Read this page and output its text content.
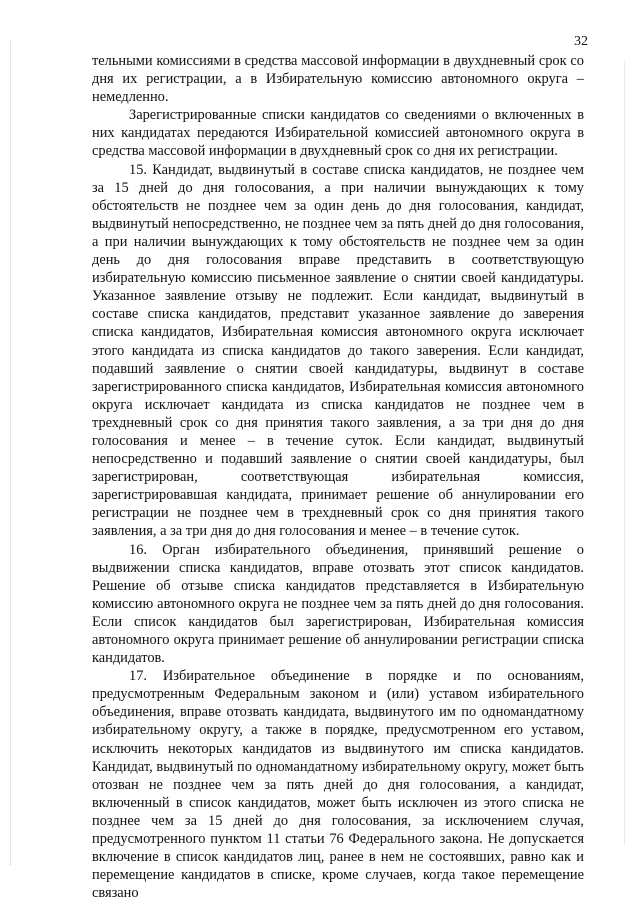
32

тельными комиссиями в средства массовой информации в двухдневный срок со дня их регистрации, а в Избирательную комиссию автономного округа – немедленно.

Зарегистрированные списки кандидатов со сведениями о включенных в них кандидатах передаются Избирательной комиссией автономного округа в средства массовой информации в двухдневный срок со дня их регистрации.

15. Кандидат, выдвинутый в составе списка кандидатов, не позднее чем за 15 дней до дня голосования, а при наличии вынуждающих к тому обстоятельств не позднее чем за один день до дня голосования, кандидат, выдвинутый непосредственно, не позднее чем за пять дней до дня голосования, а при наличии вынуждающих к тому обстоятельств не позднее чем за один день до дня голосования вправе представить в соответствующую избирательную комиссию письменное заявление о снятии своей кандидатуры. Указанное заявление отзыву не подлежит. Если кандидат, выдвинутый в составе списка кандидатов, представит указанное заявление до заверения списка кандидатов, Избирательная комиссия автономного округа исключает этого кандидата из списка кандидатов до такого заверения. Если кандидат, подавший заявление о снятии своей кандидатуры, выдвинут в составе зарегистрированного списка кандидатов, Избирательная комиссия автономного округа исключает кандидата из списка кандидатов не позднее чем в трехдневный срок со дня принятия такого заявления, а за три дня до дня голосования и менее – в течение суток. Если кандидат, выдвинутый непосредственно и подавший заявление о снятии своей кандидатуры, был зарегистрирован, соответствующая избирательная комиссия, зарегистрировавшая кандидата, принимает решение об аннулировании его регистрации не позднее чем в трехдневный срок со дня принятия такого заявления, а за три дня до дня голосования и менее – в течение суток.

16. Орган избирательного объединения, принявший решение о выдвижении списка кандидатов, вправе отозвать этот список кандидатов. Решение об отзыве списка кандидатов представляется в Избирательную комиссию автономного округа не позднее чем за пять дней до дня голосования. Если список кандидатов был зарегистрирован, Избирательная комиссия автономного округа принимает решение об аннулировании регистрации списка кандидатов.

17. Избирательное объединение в порядке и по основаниям, предусмотренным Федеральным законом и (или) уставом избирательного объединения, вправе отозвать кандидата, выдвинутого им по одномандатному избирательному округу, а также в порядке, предусмотренном его уставом, исключить некоторых кандидатов из выдвинутого им списка кандидатов. Кандидат, выдвинутый по одномандатному избирательному округу, может быть отозван не позднее чем за пять дней до дня голосования, а кандидат, включенный в список кандидатов, может быть исключен из этого списка не позднее чем за 15 дней до дня голосования, за исключением случая, предусмотренного пунктом 11 статьи 76 Федерального закона. Не допускается включение в список кандидатов лиц, ранее в нем не состоявших, равно как и перемещение кандидатов в списке, кроме случаев, когда такое перемещение связано
